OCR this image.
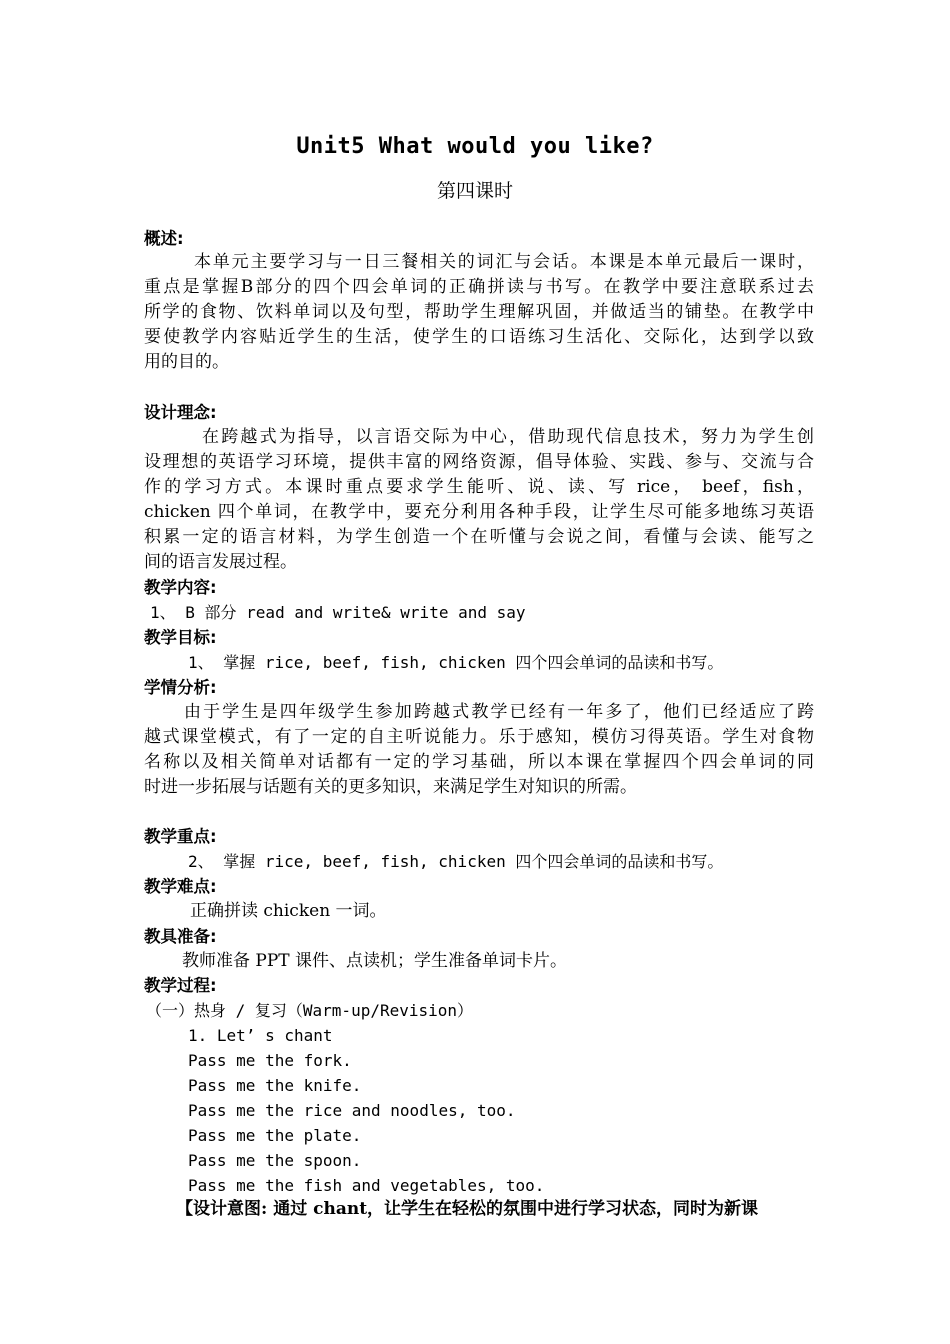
Unit5 What would you like?
第四课时
概述:
本单元主要学习与一日三餐相关的词汇与会话。本课是本单元最后一课时，
重点是掌握B部分的四个四会单词的正确拼读与书写。在教学中要注意联系过去
所学的食物、饮料单词以及句型，帮助学生理解巩固，并做适当的铺垫。在教学中
要使教学内容贴近学生的生活，使学生的口语练习生活化、交际化，达到学以致
用的目的。
设计理念:
在跨越式为指导，以言语交际为中心，借助现代信息技术，努力为学生创
设理想的英语学习环境，提供丰富的网络资源，倡导体验、实践、参与、交流与合
作的学习方式。本课时重点要求学生能听、说、读、写 rice， beef，fish，
chicken 四个单词，在教学中，要充分利用各种手段，让学生尽可能多地练习英语
积累一定的语言材料，为学生创造一个在听懂与会说之间，看懂与会读、能写之
间的语言发展过程。
教学内容:
1、 B 部分 read and write& write and say
教学目标:
1、 掌握 rice, beef, fish, chicken 四个四会单词的品读和书写。
学情分析:
由于学生是四年级学生参加跨越式教学已经有一年多了，他们已经适应了跨
越式课堂模式，有了一定的自主听说能力。乐于感知，模仿习得英语。学生对食物
名称以及相关简单对话都有一定的学习基础，所以本课在掌握四个四会单词的同
时进一步拓展与话题有关的更多知识，来满足学生对知识的所需。
教学重点:
2、 掌握 rice, beef, fish, chicken 四个四会单词的品读和书写。
教学难点:
正确拼读 chicken 一词。
教具准备:
教师准备 PPT 课件、点读机；学生准备单词卡片。
教学过程:
（一）热身 / 复习（Warm-up/Revision）
1. Let’ s chant
Pass me the fork.
Pass me the knife.
Pass me the rice and noodles, too.
Pass me the plate.
Pass me the spoon.
Pass me the fish and vegetables, too.
【设计意图: 通过 chant，让学生在轻松的氛围中进行学习状态，同时为新课
